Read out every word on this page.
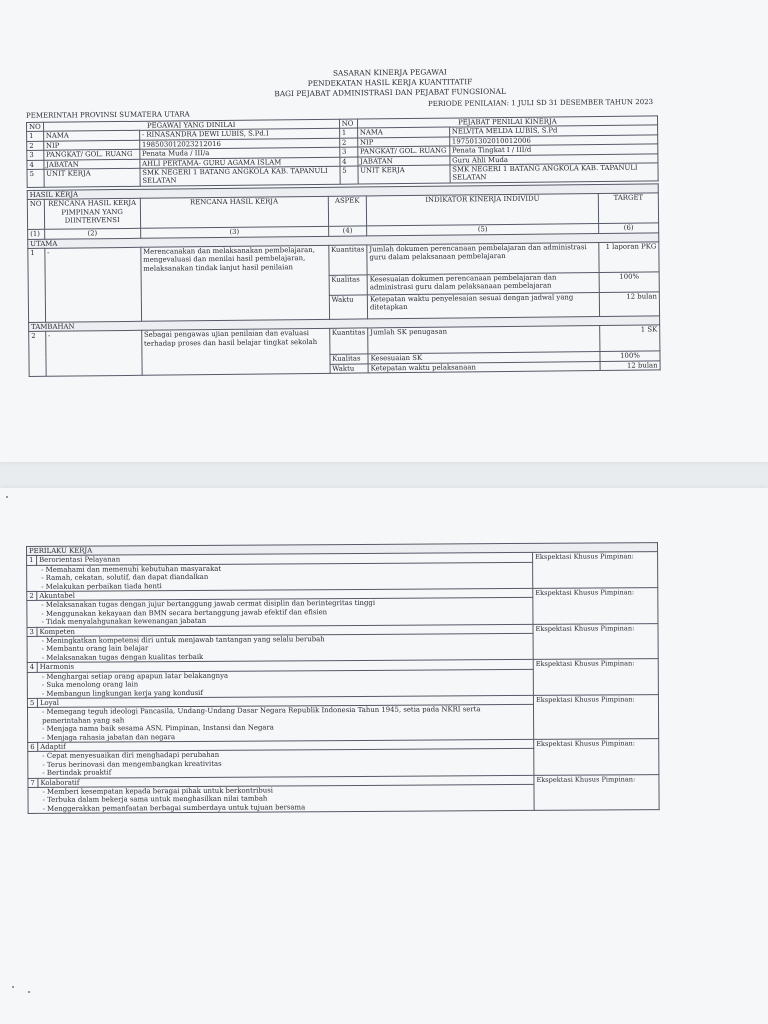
SASARAN KINERJA PEGAWAI
PENDEKATAN HASIL KERJA KUANTITATIF
BAGI PEJABAT ADMINISTRASI DAN PEJABAT FUNGSIONAL
PEMERINTAH PROVINSI SUMATERA UTARA
PERIODE PENILAIAN: 1 JULI SD 31 DESEMBER TAHUN 2023
NO	PEGAWAI YANG DINILAI		NO	PEJABAT PENILAI KINERJA	
1	NAMA	- RINASANDRA DEWI LUBIS, S.Pd.I	1	NAMA	NELVITA MELDA LUBIS, S.Pd
2	NIP	198503012023212016	2	NIP	197501302010012006
3	PANGKAT/ GOL. RUANG	Penata Muda / III/a	3	PANGKAT/ GOL. RUANG	Penata Tingkat I / III/d
4	JABATAN	AHLI PERTAMA- GURU AGAMA ISLAM	4	JABATAN	Guru Ahli Muda
5	UNIT KERJA	SMK NEGERI 1 BATANG ANGKOLA KAB. TAPANULI SELATAN	5	UNIT KERJA	SMK NEGERI 1 BATANG ANGKOLA KAB. TAPANULI SELATAN
HASIL KERJA					
NO	RENCANA HASIL KERJA PIMPINAN YANG DIINTERVENSI	RENCANA HASIL KERJA	ASPEK	INDIKATOR KINERJA INDIVIDU	TARGET
(1)	(2)	(3)	(4)	(5)	(6)
UTAMA					
1	-	Merencanakan dan melaksanakan pembelajaran, mengevaluasi dan menilai hasil pembelajaran, melaksanakan tindak lanjut hasil penilaian	Kuantitas	Jumlah dokumen perencanaan pembelajaran dan administrasi guru dalam pelaksanaan pembelajaran	1 laporan PKG
			Kualitas	Kesesuaian dokumen perencanaan pembelajaran dan administrasi guru dalam pelaksanaan pembelajaran	100%
			Waktu	Ketepatan waktu penyelesaian sesuai dengan jadwal yang ditetapkan	12 bulan
TAMBAHAN					
2	-	Sebagai pengawas ujian penilaian dan evaluasi terhadap proses dan hasil belajar tingkat sekolah	Kuantitas	Jumlah SK penugasan	1 SK
			Kualitas	Kesesuaian SK	100%
			Waktu	Ketepatan waktu pelaksanaan	12 bulan
PERILAKU KERJA		
1	Berorientasi Pelayanan	Ekspektasi Khusus Pimpinan:

- Memahami dan memenuhi kebutuhan masyarakat
- Ramah, cekatan, solutif, dan dapat diandalkan
- Melakukan perbaikan tiada henti		

2	Akuntabel	Ekspektasi Khusus Pimpinan:

- Melaksanakan tugas dengan jujur bertanggung jawab cermat disiplin dan berintegritas tinggi
- Menggunakan kekayaan dan BMN secara bertanggung jawab efektif dan efisien
- Tidak menyalahgunakan kewenangan jabatan		

3	Kompeten	Ekspektasi Khusus Pimpinan:

- Meningkatkan kompetensi diri untuk menjawab tantangan yang selalu berubah
- Membantu orang lain belajar
- Melaksanakan tugas dengan kualitas terbaik		

4	Harmonis	Ekspektasi Khusus Pimpinan:

- Menghargai setiap orang apapun latar belakangnya
- Suka menolong orang lain
- Membangun lingkungan kerja yang kondusif		

5	Loyal	Ekspektasi Khusus Pimpinan:

- Memegang teguh ideologi Pancasila, Undang-Undang Dasar Negara Republik Indonesia Tahun 1945, setia pada NKRI serta pemerintahan yang sah
- Menjaga nama baik sesama ASN, Pimpinan, Instansi dan Negara
- Menjaga rahasia jabatan dan negara		

6	Adaptif	Ekspektasi Khusus Pimpinan:

- Cepat menyesuaikan diri menghadapi perubahan
- Terus berinovasi dan mengembangkan kreativitas
- Bertindak proaktif		

7	Kolaboratif	Ekspektasi Khusus Pimpinan:

- Memberi kesempatan kepada beragai pihak untuk berkontribusi
- Terbuka dalam bekerja sama untuk menghasilkan nilai tambah
- Menggerakkan pemanfaatan berbagai sumberdaya untuk tujuan bersama		
